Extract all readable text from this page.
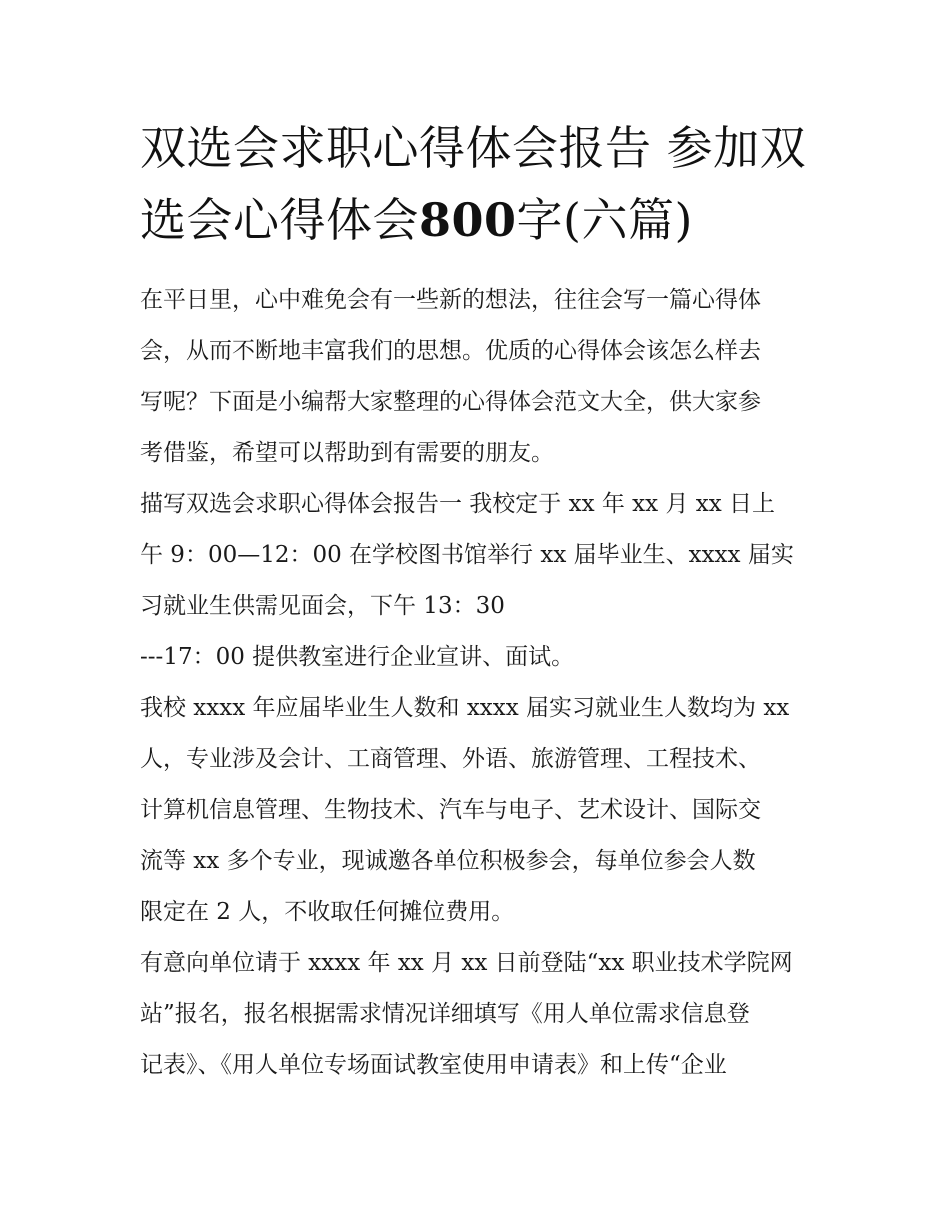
双选会求职心得体会报告 参加双选会心得体会800字(六篇)

在平日里，心中难免会有一些新的想法，往往会写一篇心得体
会，从而不断地丰富我们的思想。优质的心得体会该怎么样去
写呢？下面是小编帮大家整理的心得体会范文大全，供大家参
考借鉴，希望可以帮助到有需要的朋友。

描写双选会求职心得体会报告一 我校定于 xx 年 xx 月 xx 日上
午 9：00—12：00 在学校图书馆举行 xx 届毕业生、xxxx 届实
习就业生供需见面会，下午 13：30

---17：00 提供教室进行企业宣讲、面试。

我校 xxxx 年应届毕业生人数和 xxxx 届实习就业生人数均为 xx
人，专业涉及会计、工商管理、外语、旅游管理、工程技术、
计算机信息管理、生物技术、汽车与电子、艺术设计、国际交
流等 xx 多个专业，现诚邀各单位积极参会，每单位参会人数
限定在 2 人，不收取任何摊位费用。

有意向单位请于 xxxx 年 xx 月 xx 日前登陆“xx 职业技术学院网
站”报名，报名根据需求情况详细填写《用人单位需求信息登
记表》、《用人单位专场面试教室使用申请表》和上传“企业
